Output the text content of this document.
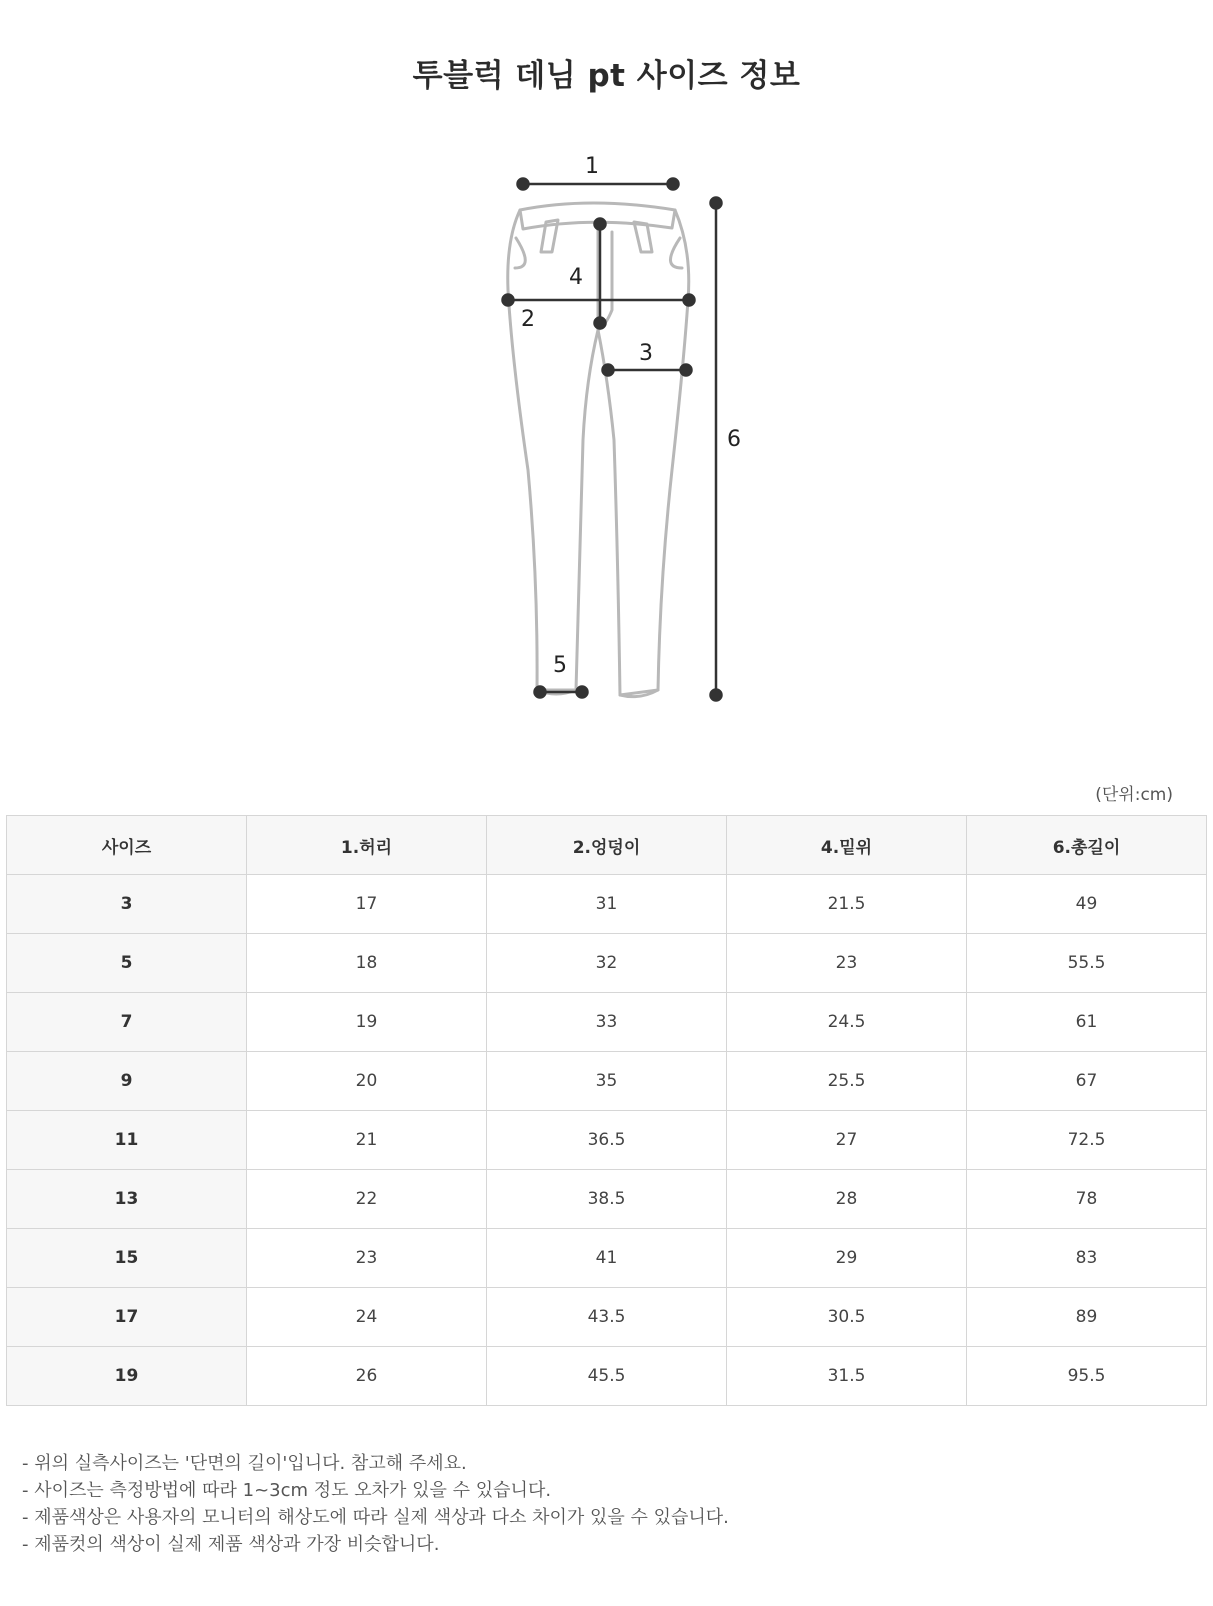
투블럭 데님 pt 사이즈 정보
1
2
3
4
5
6
(단위:cm)
사이즈	1.허리	2.엉덩이	4.밑위	6.총길이
3	17	31	21.5	49
5	18	32	23	55.5
7	19	33	24.5	61
9	20	35	25.5	67
11	21	36.5	27	72.5
13	22	38.5	28	78
15	23	41	29	83
17	24	43.5	30.5	89
19	26	45.5	31.5	95.5
- 위의 실측사이즈는 '단면의 길이'입니다. 참고해 주세요.
- 사이즈는 측정방법에 따라 1~3cm 정도 오차가 있을 수 있습니다.
- 제품색상은 사용자의 모니터의 해상도에 따라 실제 색상과 다소 차이가 있을 수 있습니다.
- 제품컷의 색상이 실제 제품 색상과 가장 비슷합니다.
